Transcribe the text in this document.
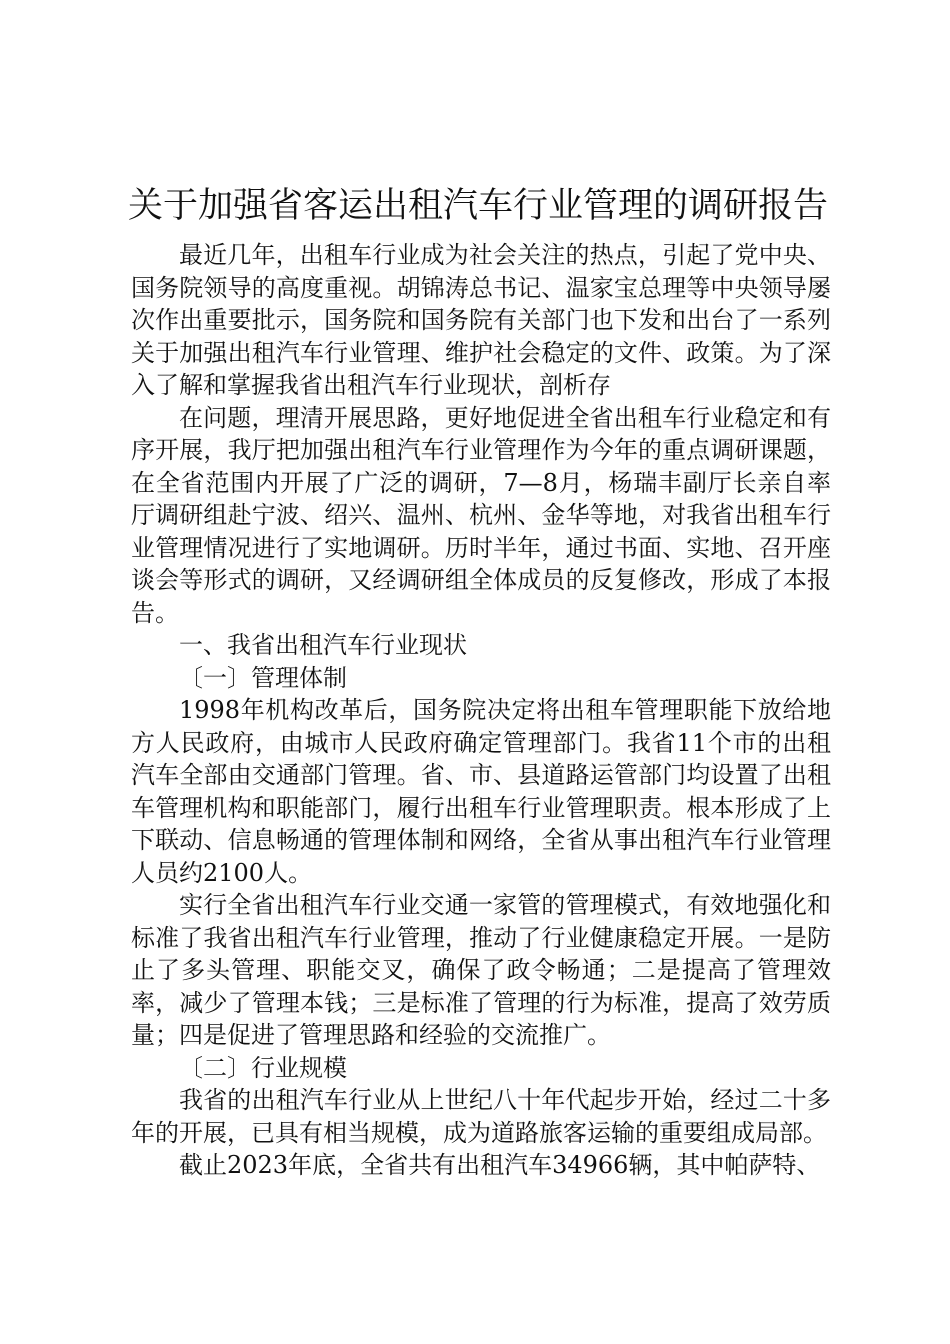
关于加强省客运出租汽车行业管理的调研报告

最近几年，出租车行业成为社会关注的热点，引起了党中央、国务院领导的高度重视。胡锦涛总书记、温家宝总理等中央领导屡次作出重要批示，国务院和国务院有关部门也下发和出台了一系列关于加强出租汽车行业管理、维护社会稳定的文件、政策。为了深入了解和掌握我省出租汽车行业现状，剖析存

在问题，理清开展思路，更好地促进全省出租车行业稳定和有序开展，我厅把加强出租汽车行业管理作为今年的重点调研课题，在全省范围内开展了广泛的调研，7—8月，杨瑞丰副厅长亲自率厅调研组赴宁波、绍兴、温州、杭州、金华等地，对我省出租车行业管理情况进行了实地调研。历时半年，通过书面、实地、召开座谈会等形式的调研，又经调研组全体成员的反复修改，形成了本报告。

一、我省出租汽车行业现状

〔一〕管理体制

1998年机构改革后，国务院决定将出租车管理职能下放给地方人民政府，由城市人民政府确定管理部门。我省11个市的出租汽车全部由交通部门管理。省、市、县道路运管部门均设置了出租车管理机构和职能部门，履行出租车行业管理职责。根本形成了上下联动、信息畅通的管理体制和网络，全省从事出租汽车行业管理人员约2100人。

实行全省出租汽车行业交通一家管的管理模式，有效地强化和标准了我省出租汽车行业管理，推动了行业健康稳定开展。一是防止了多头管理、职能交叉，确保了政令畅通；二是提高了管理效率，减少了管理本钱；三是标准了管理的行为标准，提高了效劳质量；四是促进了管理思路和经验的交流推广。

〔二〕行业规模

我省的出租汽车行业从上世纪八十年代起步开始，经过二十多年的开展，已具有相当规模，成为道路旅客运输的重要组成局部。

截止2023年底，全省共有出租汽车34966辆，其中帕萨特、
